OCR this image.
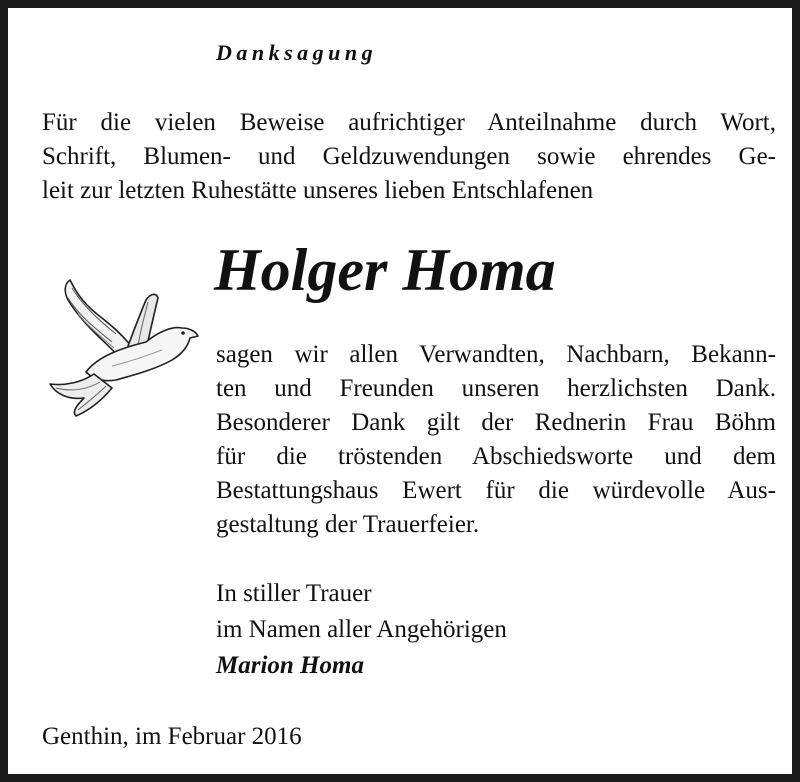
Danksagung
Für die vielen Beweise aufrichtiger Anteilnahme durch Wort,
Schrift, Blumen- und Geldzuwendungen sowie ehrendes Ge-
leit zur letzten Ruhestätte unseres lieben Entschlafenen
Holger Homa
sagen wir allen Verwandten, Nachbarn, Bekann-
ten und Freunden unseren herzlichsten Dank.
Besonderer Dank gilt der Rednerin Frau Böhm
für die tröstenden Abschiedsworte und dem
Bestattungshaus Ewert für die würdevolle Aus-
gestaltung der Trauerfeier.
In stiller Trauer
im Namen aller Angehörigen
Marion Homa
Genthin, im Februar 2016
